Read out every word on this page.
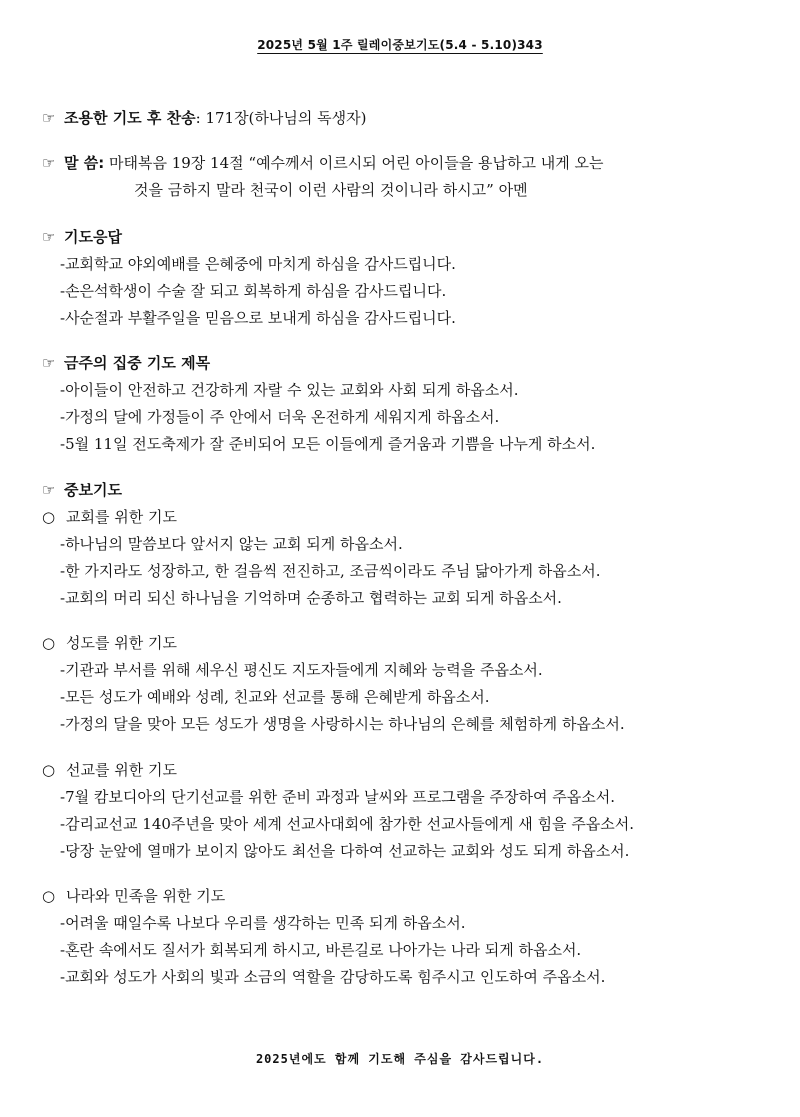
2025년 5월 1주 릴레이중보기도(5.4 - 5.10)343
☞ 조용한 기도 후 찬송: 171장(하나님의 독생자)
☞ 말 씀: 마태복음 19장 14절 “예수께서 이르시되 어린 아이들을 용납하고 내게 오는
것을 금하지 말라 천국이 이런 사람의 것이니라 하시고” 아멘
☞ 기도응답
-교회학교 야외예배를 은혜중에 마치게 하심을 감사드립니다.
-손은석학생이 수술 잘 되고 회복하게 하심을 감사드립니다.
-사순절과 부활주일을 믿음으로 보내게 하심을 감사드립니다.
☞ 금주의 집중 기도 제목
-아이들이 안전하고 건강하게 자랄 수 있는 교회와 사회 되게 하옵소서.
-가정의 달에 가정들이 주 안에서 더욱 온전하게 세워지게 하옵소서.
-5월 11일 전도축제가 잘 준비되어 모든 이들에게 즐거움과 기쁨을 나누게 하소서.
☞ 중보기도
○ 교회를 위한 기도
-하나님의 말씀보다 앞서지 않는 교회 되게 하옵소서.
-한 가지라도 성장하고, 한 걸음씩 전진하고, 조금씩이라도 주님 닮아가게 하옵소서.
-교회의 머리 되신 하나님을 기억하며 순종하고 협력하는 교회 되게 하옵소서.
○ 성도를 위한 기도
-기관과 부서를 위해 세우신 평신도 지도자들에게 지혜와 능력을 주옵소서.
-모든 성도가 예배와 성례, 친교와 선교를 통해 은혜받게 하옵소서.
-가정의 달을 맞아 모든 성도가 생명을 사랑하시는 하나님의 은혜를 체험하게 하옵소서.
○ 선교를 위한 기도
-7월 캄보디아의 단기선교를 위한 준비 과정과 날씨와 프로그램을 주장하여 주옵소서.
-감리교선교 140주년을 맞아 세계 선교사대회에 참가한 선교사들에게 새 힘을 주옵소서.
-당장 눈앞에 열매가 보이지 않아도 최선을 다하여 선교하는 교회와 성도 되게 하옵소서.
○ 나라와 민족을 위한 기도
-어려울 때일수록 나보다 우리를 생각하는 민족 되게 하옵소서.
-혼란 속에서도 질서가 회복되게 하시고, 바른길로 나아가는 나라 되게 하옵소서.
-교회와 성도가 사회의 빛과 소금의 역할을 감당하도록 힘주시고 인도하여 주옵소서.
2025년에도 함께 기도해 주심을 감사드립니다.
